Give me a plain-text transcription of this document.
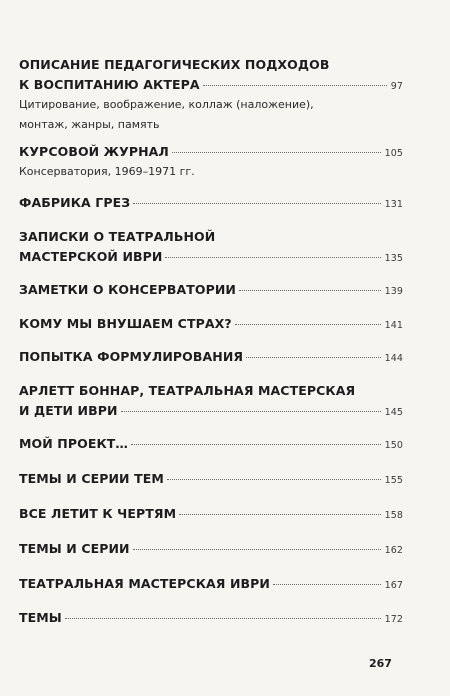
ОПИСАНИЕ ПЕДАГОГИЧЕСКИХ ПОДХОДОВ
К ВОСПИТАНИЮ АКТЕРА	97
Цитирование, воображение, коллаж (наложение),
монтаж, жанры, память
КУРСОВОЙ ЖУРНАЛ	105
Консерватория, 1969–1971 гг.
ФАБРИКА ГРЕЗ	131
ЗАПИСКИ О ТЕАТРАЛЬНОЙ
МАСТЕРСКОЙ ИВРИ	135
ЗАМЕТКИ О КОНСЕРВАТОРИИ	139
КОМУ МЫ ВНУШАЕМ СТРАХ?	141
ПОПЫТКА ФОРМУЛИРОВАНИЯ	144
АРЛЕТТ БОННАР, ТЕАТРАЛЬНАЯ МАСТЕРСКАЯ
И ДЕТИ ИВРИ	145
МОЙ ПРОЕКТ…	150
ТЕМЫ И СЕРИИ ТЕМ	155
ВСЕ ЛЕТИТ К ЧЕРТЯМ	158
ТЕМЫ И СЕРИИ	162
ТЕАТРАЛЬНАЯ МАСТЕРСКАЯ ИВРИ	167
ТЕМЫ	172
267
